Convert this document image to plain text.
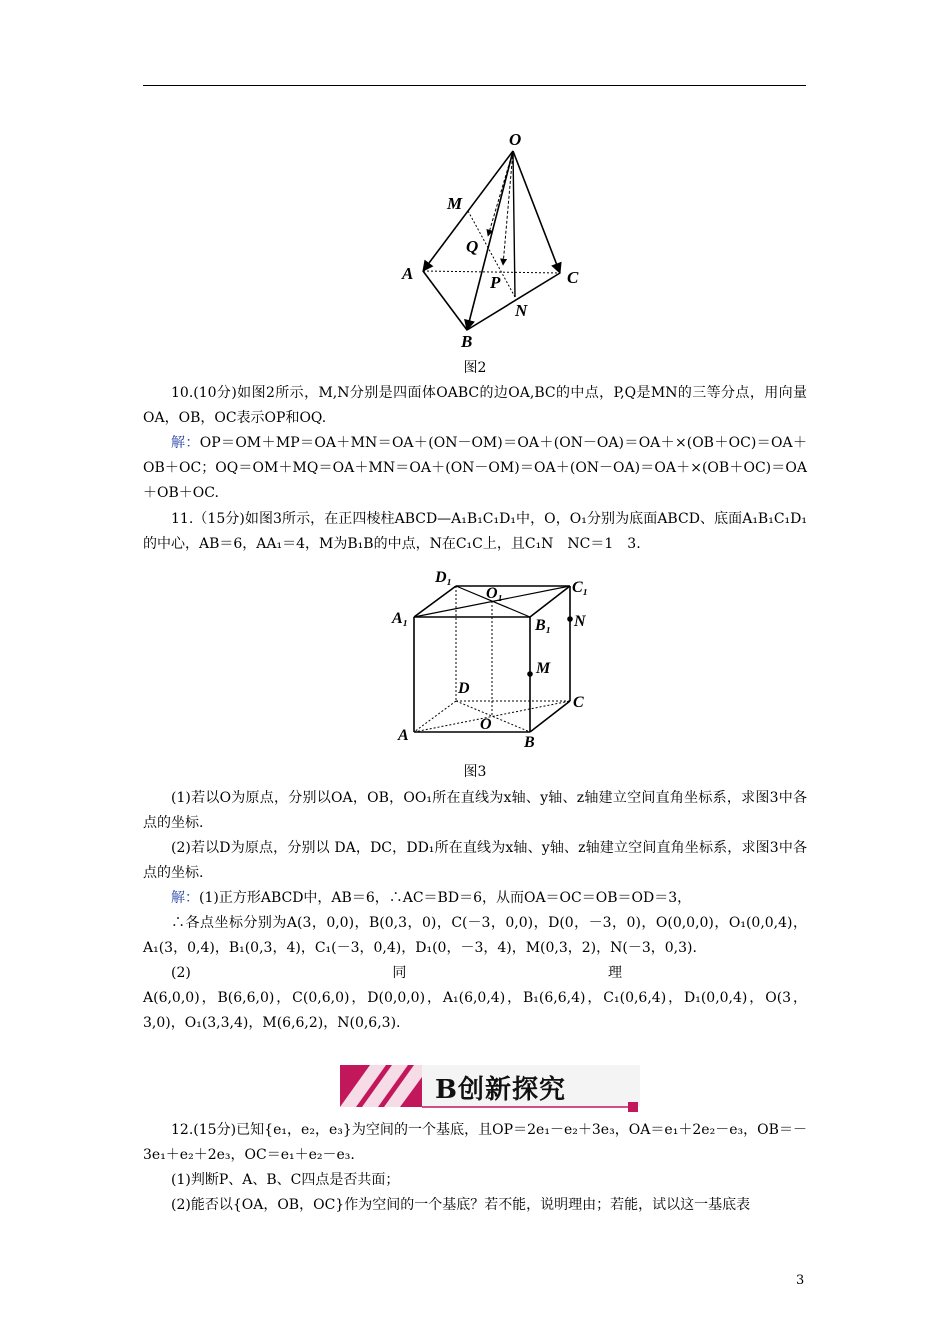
O
M
Q
A	P	C
N
B
图2

10.(10分)如图2所示，M,N分别是四面体OABC的边OA,BC的中点，P,Q是MN的三等分点，用向量OA，OB，OC表示OP和OQ.

解：OP＝OM＋MP＝OA＋MN＝OA＋(ON－OM)＝OA＋(ON－OA)＝OA＋×(OB＋OC)＝OA＋OB＋OC；OQ＝OM＋MQ＝OA＋MN＝OA＋(ON－OM)＝OA＋(ON－OA)＝OA＋×(OB＋OC)＝OA＋OB＋OC.

11.（15分)如图3所示，在正四棱柱ABCD—A₁B₁C₁D₁中，O，O₁分别为底面ABCD、底面A₁B₁C₁D₁的中心，AB＝6，AA₁＝4，M为B₁B的中点，N在C₁C上，且C₁N　NC＝1　3.

D₁
O₁	C₁
A₁	B₁ N
M
D
C
O
A	B
图3

(1)若以O为原点，分别以OA，OB，OO₁所在直线为x轴、y轴、z轴建立空间直角坐标系，求图3中各点的坐标.

(2)若以D为原点，分别以 DA，DC，DD₁所在直线为x轴、y轴、z轴建立空间直角坐标系，求图3中各点的坐标.

解：(1)正方形ABCD中，AB＝6，∴AC＝BD＝6，从而OA＝OC＝OB＝OD＝3，

∴各点坐标分别为A(3，0,0)，B(0,3，0)，C(－3，0,0)，D(0，－3，0)，O(0,0,0)，O₁(0,0,4)，A₁(3，0,4)，B₁(0,3，4)，C₁(－3，0,4)，D₁(0，－3，4)，M(0,3，2)，N(－3，0,3).

(2)	同	理

A(6,0,0)，B(6,6,0)，C(0,6,0)，D(0,0,0)，A₁(6,0,4)，B₁(6,6,4)，C₁(0,6,4)，D₁(0,0,4)，O(3，3,0)，O₁(3,3,4)，M(6,6,2)，N(0,6,3).

B创新探究

12.(15分)已知{e₁，e₂，e₃}为空间的一个基底，且OP＝2e₁－e₂＋3e₃，OA＝e₁＋2e₂－e₃，OB＝－3e₁＋e₂＋2e₃，OC＝e₁＋e₂－e₃.

(1)判断P、A、B、C四点是否共面；

(2)能否以{OA，OB，OC}作为空间的一个基底？若不能，说明理由；若能，试以这一基底表

3
